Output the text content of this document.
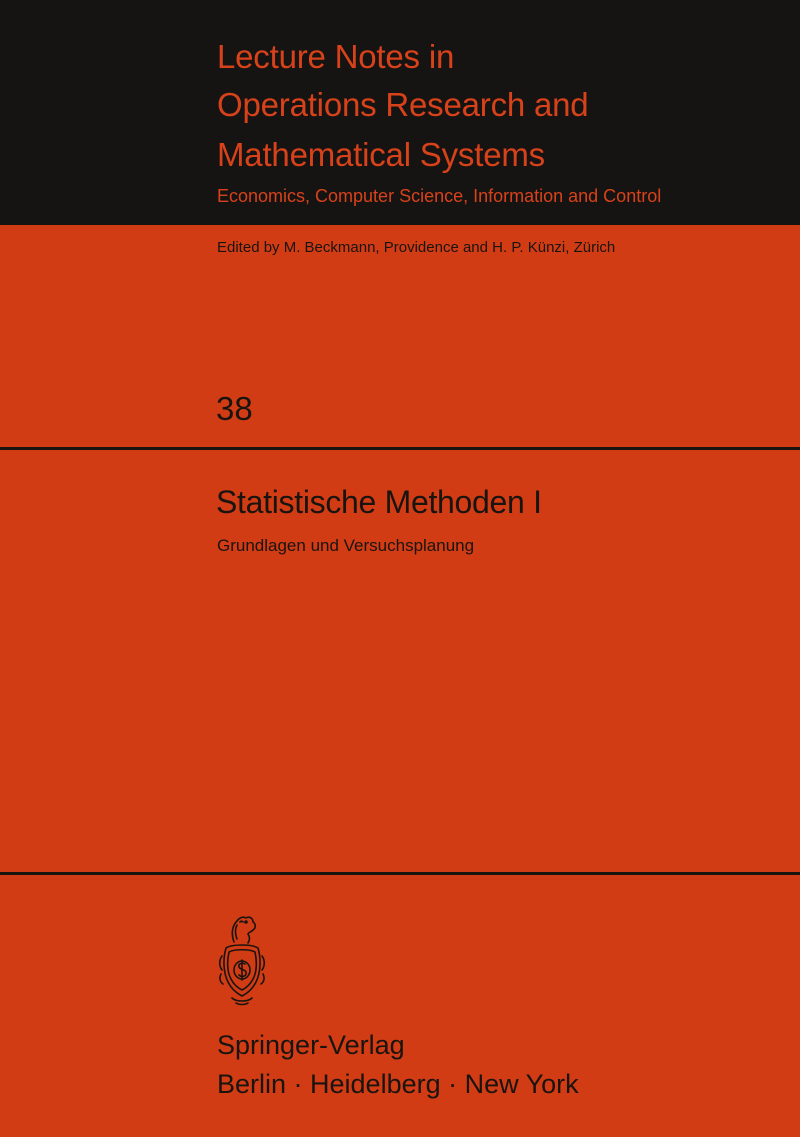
Lecture Notes in
Operations Research and
Mathematical Systems
Economics, Computer Science, Information and Control
Edited by M. Beckmann, Providence and H. P. Künzi, Zürich
38
Statistische Methoden I
Grundlagen und Versuchsplanung
Springer-Verlag
Berlin · Heidelberg · New York
